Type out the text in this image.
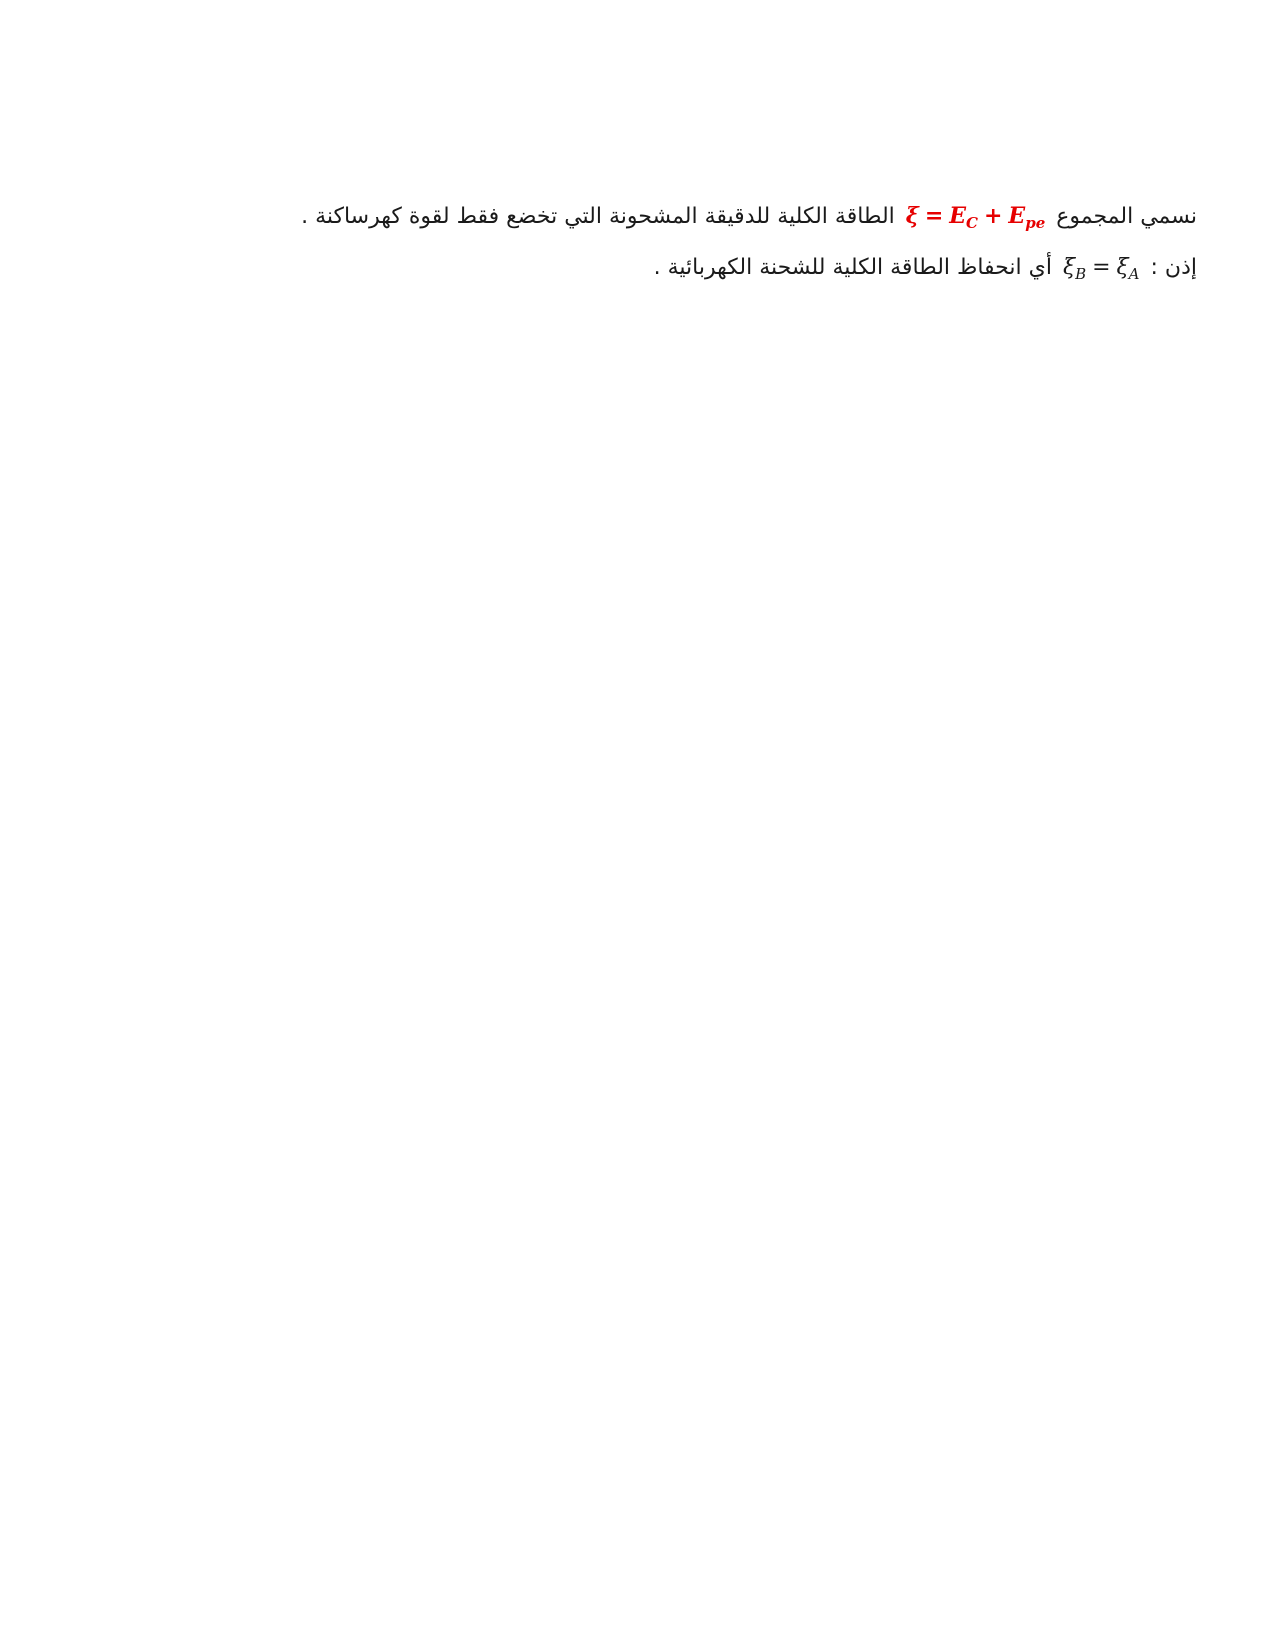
نسمي المجموع $\xi = E_C + E_{pe}$ الطاقة الكلية للدقيقة المشحونة التي تخضع فقط لقوة كهرساكنة .
إذن : $\xi_B = \xi_A$ أي انحفاظ الطاقة الكلية للشحنة الكهربائية .
